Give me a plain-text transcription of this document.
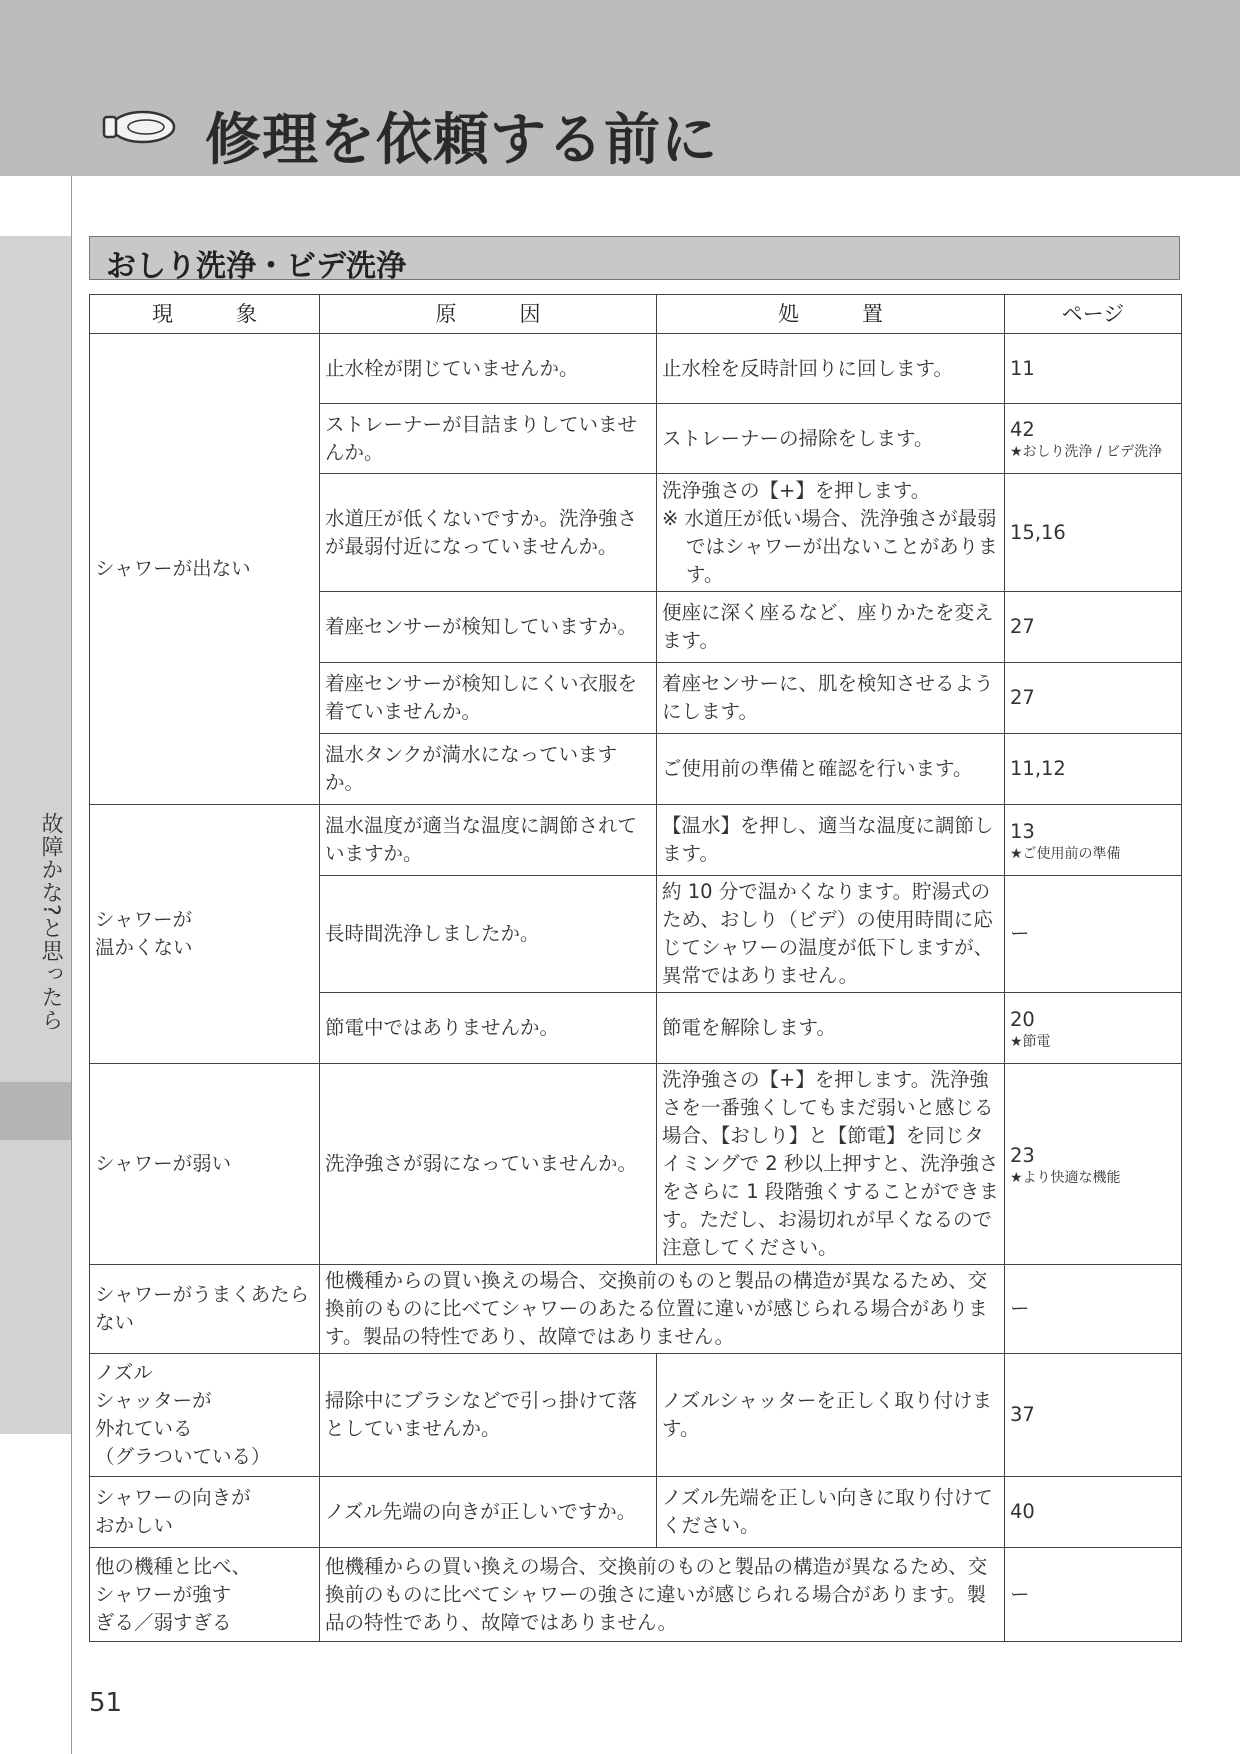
修理を依頼する前に
故障かな?と思ったら
おしり洗浄・ビデ洗浄
現　　　象	原　　　因	処　　　置	ページ
シャワーが出ない	止水栓が閉じていませんか。	止水栓を反時計回りに回します。	11
	ストレーナーが目詰まりしていませんか。	ストレーナーの掃除をします。	42
★おしり洗浄 / ビデ洗浄

	水道圧が低くないですか。洗浄強さが最弱付近になっていませんか。	洗浄強さの【+】を押します。
※ 水道圧が低い場合、洗浄強さが最弱ではシャワーが出ないことがあります。	15,16
	着座センサーが検知していますか。	便座に深く座るなど、座りかたを変えます。	27
	着座センサーが検知しにくい衣服を着ていませんか。	着座センサーに、肌を検知させるようにします。	27
	温水タンクが満水になっていますか。	ご使用前の準備と確認を行います。	11,12
シャワーが
温かくない	温水温度が適当な温度に調節されていますか。	【温水】を押し、適当な温度に調節します。	13
★ご使用前の準備

	長時間洗浄しましたか。	約 10 分で温かくなります。貯湯式のため、おしり（ビデ）の使用時間に応じてシャワーの温度が低下しますが、異常ではありません。	ー
	節電中ではありませんか。	節電を解除します。	20
★節電

シャワーが弱い	洗浄強さが弱になっていませんか。	洗浄強さの【+】を押します。洗浄強さを一番強くしてもまだ弱いと感じる場合、【おしり】と【節電】を同じタイミングで 2 秒以上押すと、洗浄強さをさらに 1 段階強くすることができます。ただし、お湯切れが早くなるので注意してください。	23
★より快適な機能

シャワーがうまくあたらない	他機種からの買い換えの場合、交換前のものと製品の構造が異なるため、交換前のものに比べてシャワーのあたる位置に違いが感じられる場合があります。製品の特性であり、故障ではありません。		ー
ノズル
シャッターが
外れている
（グラついている）	掃除中にブラシなどで引っ掛けて落としていませんか。	ノズルシャッターを正しく取り付けます。	37
シャワーの向きが
おかしい	ノズル先端の向きが正しいですか。	ノズル先端を正しい向きに取り付けてください。	40
他の機種と比べ、
シャワーが強す
ぎる／弱すぎる	他機種からの買い換えの場合、交換前のものと製品の構造が異なるため、交換前のものに比べてシャワーの強さに違いが感じられる場合があります。製品の特性であり、故障ではありません。		ー
51
